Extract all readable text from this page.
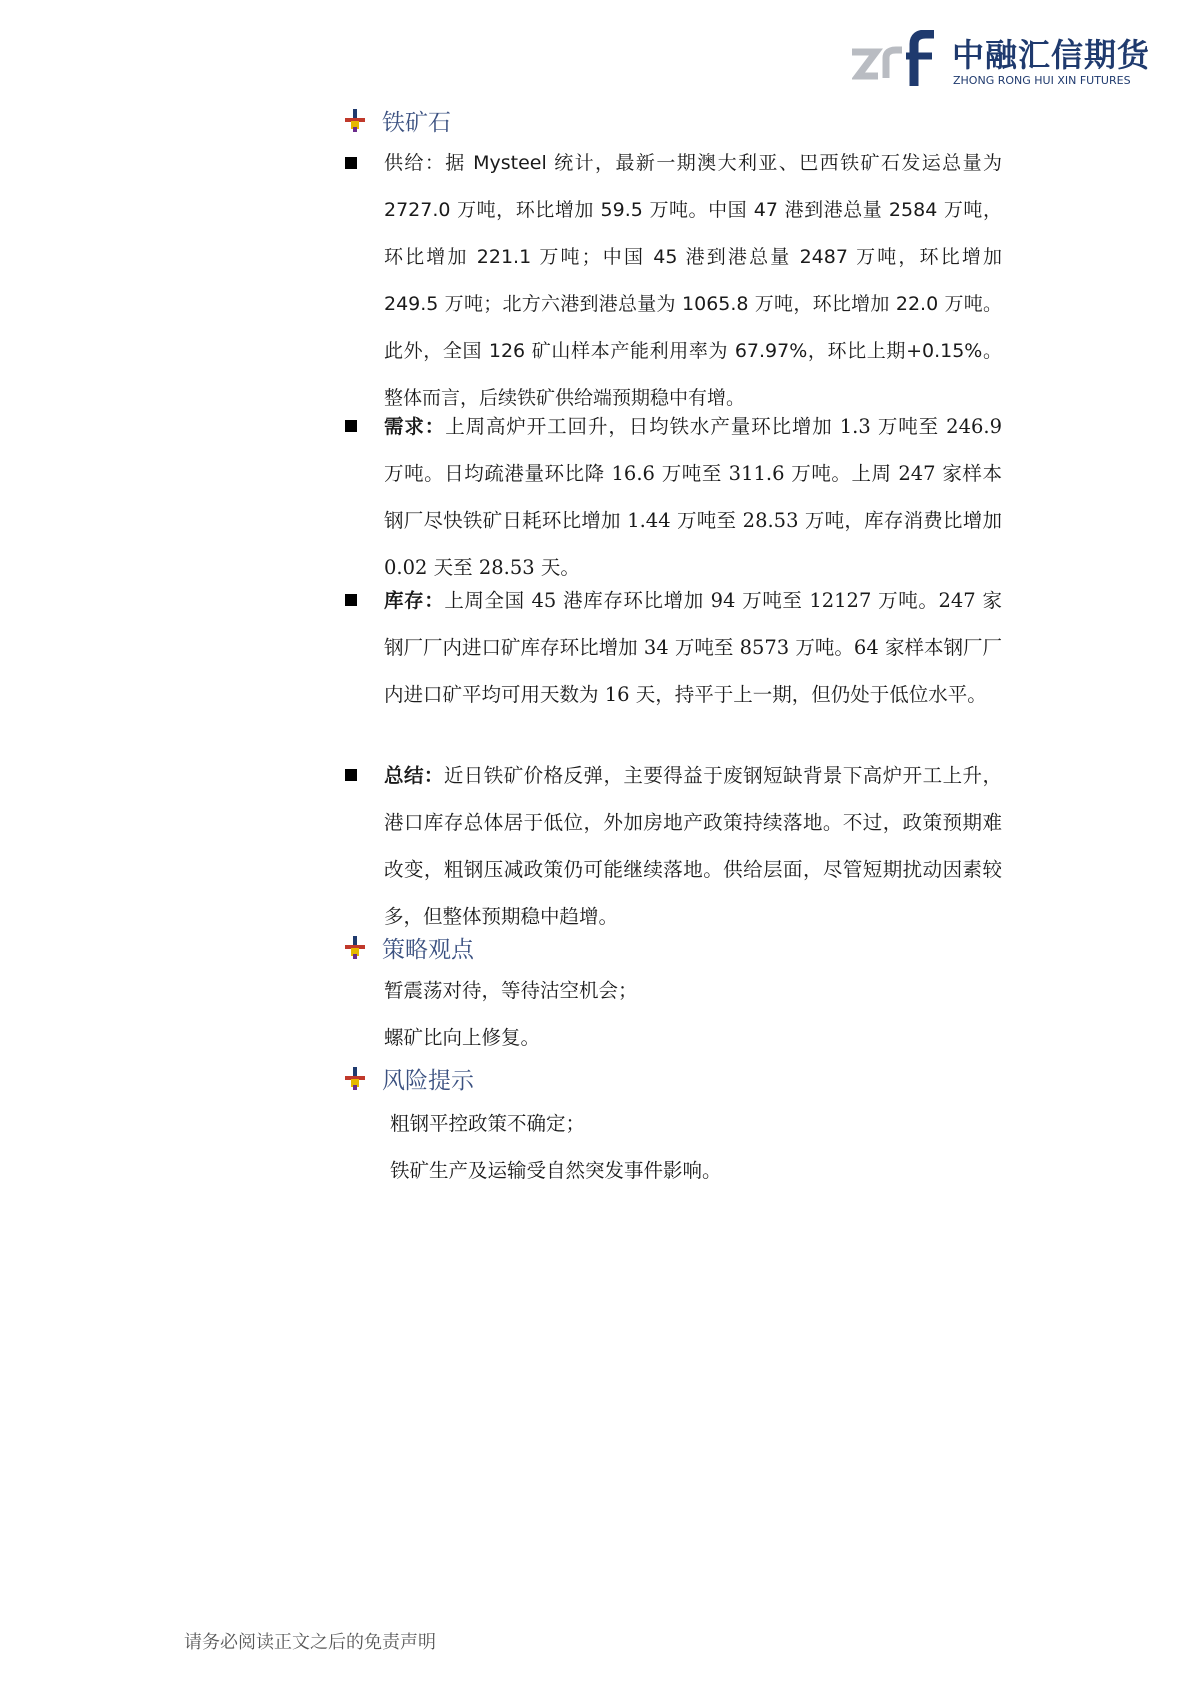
中融汇信期货
ZHONG RONG HUI XIN FUTURES
铁矿石
供给：据 Mysteel 统计，最新一期澳大利亚、巴西铁矿石发运总量为 2727.0 万吨，环比增加 59.5 万吨。中国 47 港到港总量 2584 万吨，环比增加 221.1 万吨；中国 45 港到港总量 2487 万吨，环比增加 249.5 万吨；北方六港到港总量为 1065.8 万吨，环比增加 22.0 万吨。此外，全国 126 矿山样本产能利用率为 67.97%，环比上期+0.15%。整体而言，后续铁矿供给端预期稳中有增。
需求：上周高炉开工回升，日均铁水产量环比增加 1.3 万吨至 246.9 万吨。日均疏港量环比降 16.6 万吨至 311.6 万吨。上周 247 家样本钢厂尽快铁矿日耗环比增加 1.44 万吨至 28.53 万吨，库存消费比增加 0.02 天至 28.53 天。
库存：上周全国 45 港库存环比增加 94 万吨至 12127 万吨。247 家钢厂厂内进口矿库存环比增加 34 万吨至 8573 万吨。64 家样本钢厂厂内进口矿平均可用天数为 16 天，持平于上一期，但仍处于低位水平。
总结：近日铁矿价格反弹，主要得益于废钢短缺背景下高炉开工上升，港口库存总体居于低位，外加房地产政策持续落地。不过，政策预期难改变，粗钢压减政策仍可能继续落地。供给层面，尽管短期扰动因素较多，但整体预期稳中趋增。
策略观点
暂震荡对待，等待沽空机会；
螺矿比向上修复。
风险提示
粗钢平控政策不确定；
铁矿生产及运输受自然突发事件影响。
请务必阅读正文之后的免责声明
